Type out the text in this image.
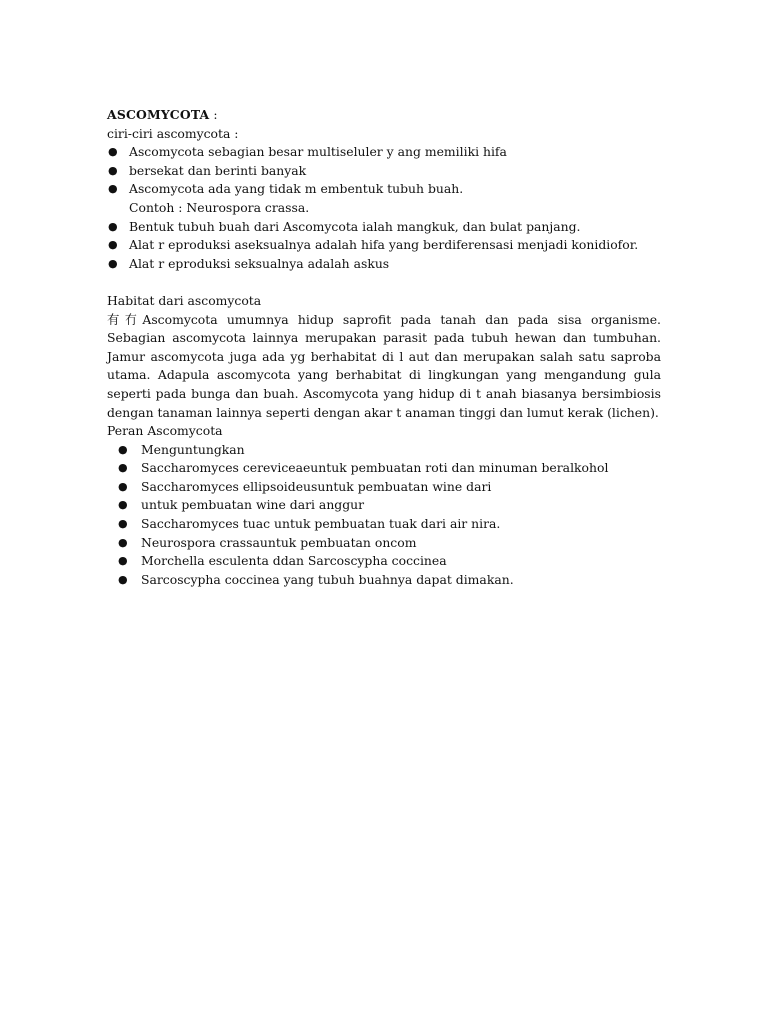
ASCOMYCOTA :

ciri-ciri ascomycota :

● Ascomycota sebagian besar multiseluler y ang memiliki hifa
● bersekat dan berinti banyak
● Ascomycota ada yang tidak m embentuk tubuh buah.
Contoh : Neurospora crassa.
● Bentuk tubuh buah dari Ascomycota ialah mangkuk, dan bulat panjang.
● Alat r eproduksi aseksualnya adalah hifa yang berdiferensasi menjadi konidiofor.
● Alat r eproduksi seksualnya adalah askus

Habitat dari ascomycota

有冇Ascomycota umumnya hidup saprofit pada tanah dan pada sisa organisme. Sebagian ascomycota lainnya merupakan parasit pada tubuh hewan dan tumbuhan. Jamur ascomycota juga ada yg berhabitat di l aut dan merupakan salah satu saproba utama. Adapula ascomycota yang berhabitat di lingkungan yang mengandung gula seperti pada bunga dan buah. Ascomycota yang hidup di t anah biasanya bersimbiosis dengan tanaman lainnya seperti dengan akar t anaman tinggi dan lumut kerak (lichen).

Peran Ascomycota

● Menguntungkan
● Saccharomyces cereviceaeuntuk pembuatan roti dan minuman beralkohol
● Saccharomyces ellipsoideusuntuk pembuatan wine dari
● untuk pembuatan wine dari anggur
● Saccharomyces tuac untuk pembuatan tuak dari air nira.
● Neurospora crassauntuk pembuatan oncom
● Morchella esculenta ddan Sarcoscypha coccinea
● Sarcoscypha coccinea yang tubuh buahnya dapat dimakan.
